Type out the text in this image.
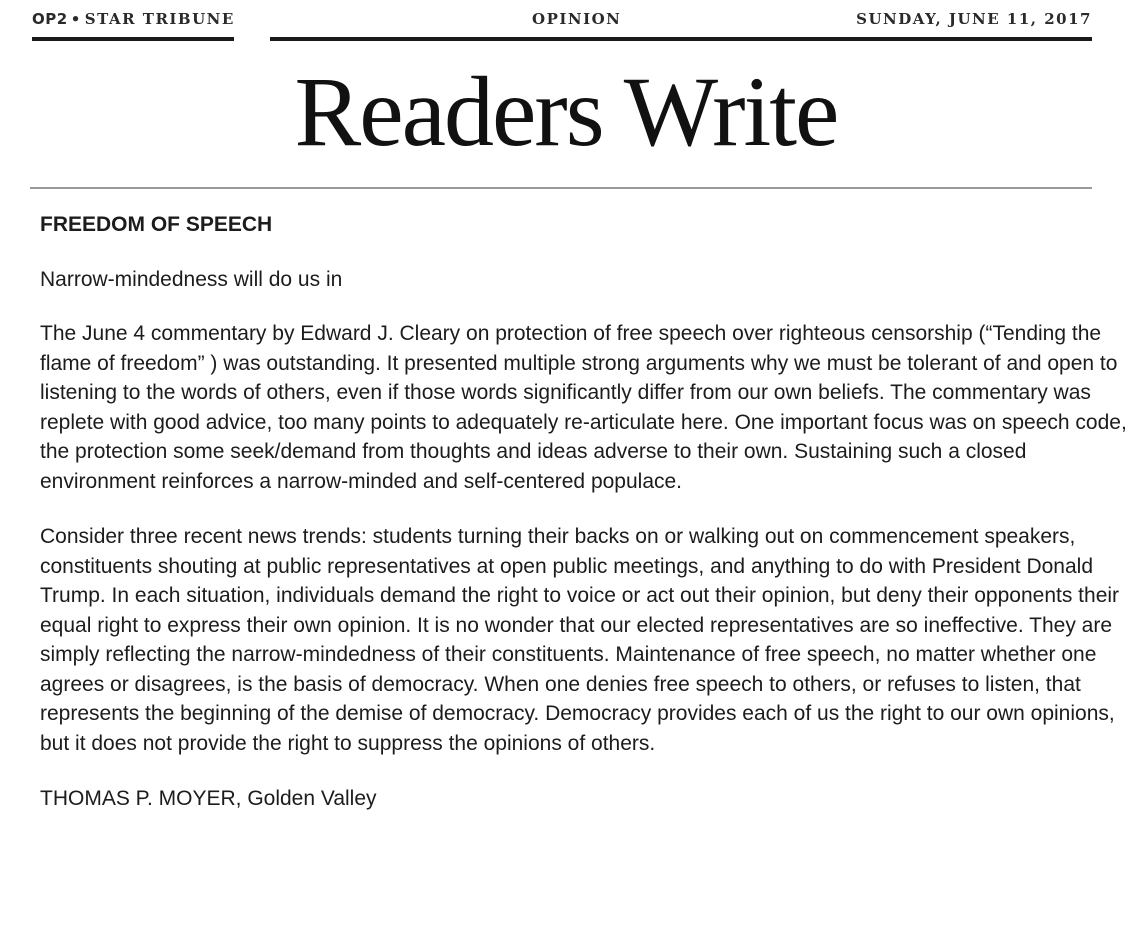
OP2 • STAR TRIBUNE	OPINION	SUNDAY, JUNE 11, 2017
Readers Write
FREEDOM OF SPEECH
Narrow-mindedness will do us in

The June 4 commentary by Edward J. Cleary on protection of free speech over righteous censorship (“Tending the flame of freedom” ) was outstanding. It presented multiple strong arguments why we must be tolerant of and open to listening to the words of others, even if those words significantly differ from our own beliefs. The commentary was replete with good advice, too many points to adequately re-articulate here. One important focus was on speech code, the protection some seek/demand from thoughts and ideas adverse to their own. Sustaining such a closed environment reinforces a narrow-minded and self-centered populace.

Consider three recent news trends: students turning their backs on or walking out on commencement speakers, constituents shouting at public representatives at open public meetings, and anything to do with President Donald Trump. In each situation, individuals demand the right to voice or act out their opinion, but deny their opponents their equal right to express their own opinion. It is no wonder that our elected representatives are so ineffective. They are simply reflecting the narrow-mindedness of their constituents. Maintenance of free speech, no matter whether one agrees or disagrees, is the basis of democracy. When one denies free speech to others, or refuses to listen, that represents the beginning of the demise of democracy. Democracy provides each of us the right to our own opinions, but it does not provide the right to suppress the opinions of others.

THOMAS P. MOYER, Golden Valley
